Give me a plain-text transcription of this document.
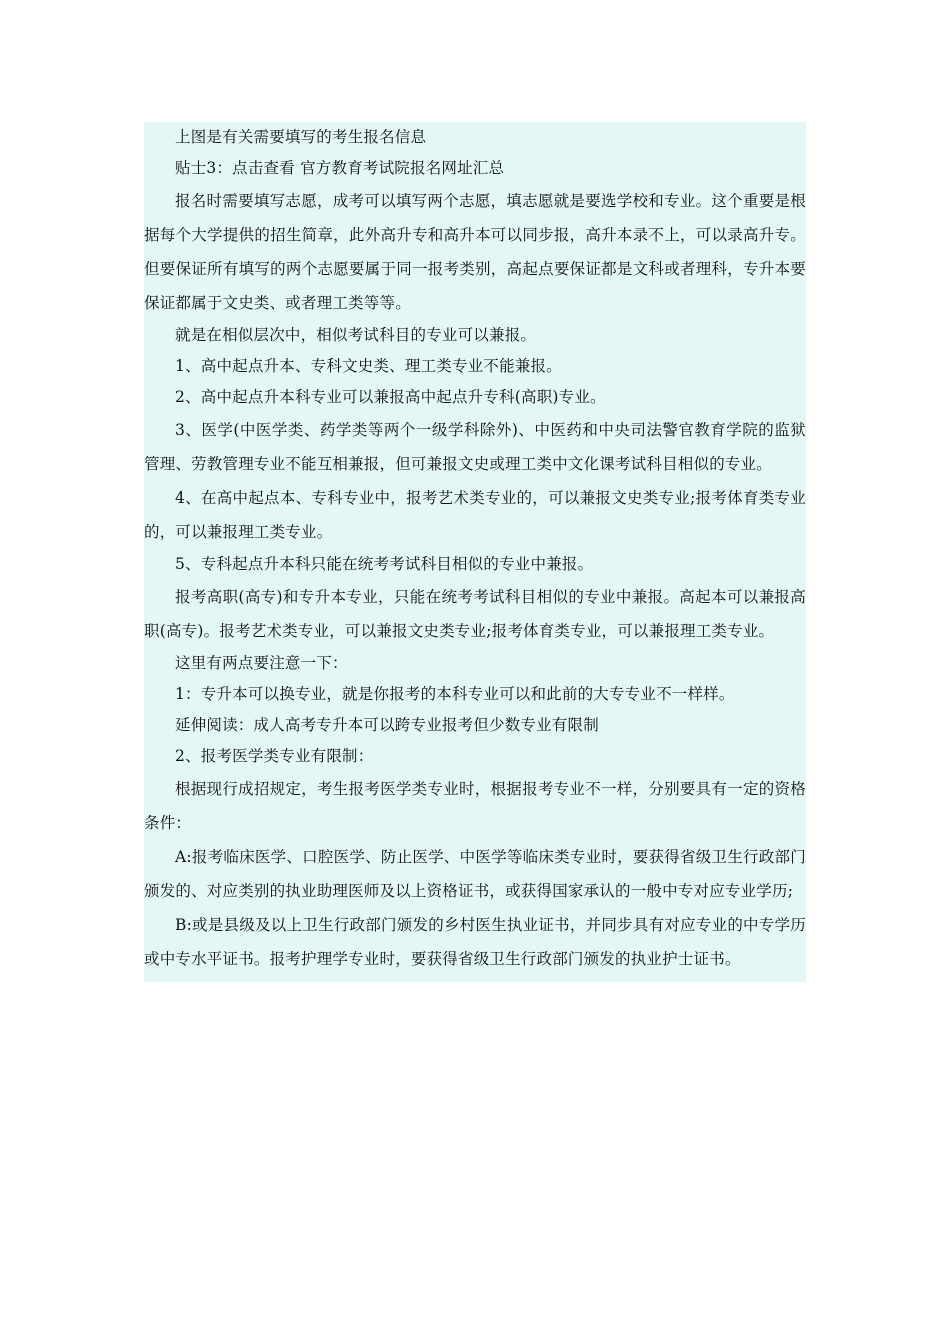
上图是有关需要填写的考生报名信息

贴士3：点击查看 官方教育考试院报名网址汇总

报名时需要填写志愿，成考可以填写两个志愿，填志愿就是要选学校和专业。这个重要是根据每个大学提供的招生简章，此外高升专和高升本可以同步报，高升本录不上，可以录高升专。但要保证所有填写的两个志愿要属于同一报考类别，高起点要保证都是文科或者理科，专升本要保证都属于文史类、或者理工类等等。

就是在相似层次中，相似考试科目的专业可以兼报。

1、高中起点升本、专科文史类、理工类专业不能兼报。

2、高中起点升本科专业可以兼报高中起点升专科(高职)专业。

3、医学(中医学类、药学类等两个一级学科除外)、中医药和中央司法警官教育学院的监狱管理、劳教管理专业不能互相兼报，但可兼报文史或理工类中文化课考试科目相似的专业。

4、在高中起点本、专科专业中，报考艺术类专业的，可以兼报文史类专业;报考体育类专业的，可以兼报理工类专业。

5、专科起点升本科只能在统考考试科目相似的专业中兼报。

报考高职(高专)和专升本专业，只能在统考考试科目相似的专业中兼报。高起本可以兼报高职(高专)。报考艺术类专业，可以兼报文史类专业;报考体育类专业，可以兼报理工类专业。

这里有两点要注意一下：

1：专升本可以换专业，就是你报考的本科专业可以和此前的大专专业不一样样。

延伸阅读：成人高考专升本可以跨专业报考但少数专业有限制

2、报考医学类专业有限制：

根据现行成招规定，考生报考医学类专业时，根据报考专业不一样，分别要具有一定的资格条件：

A:报考临床医学、口腔医学、防止医学、中医学等临床类专业时，要获得省级卫生行政部门颁发的、对应类别的执业助理医师及以上资格证书，或获得国家承认的一般中专对应专业学历;

B:或是县级及以上卫生行政部门颁发的乡村医生执业证书，并同步具有对应专业的中专学历或中专水平证书。报考护理学专业时，要获得省级卫生行政部门颁发的执业护士证书。
